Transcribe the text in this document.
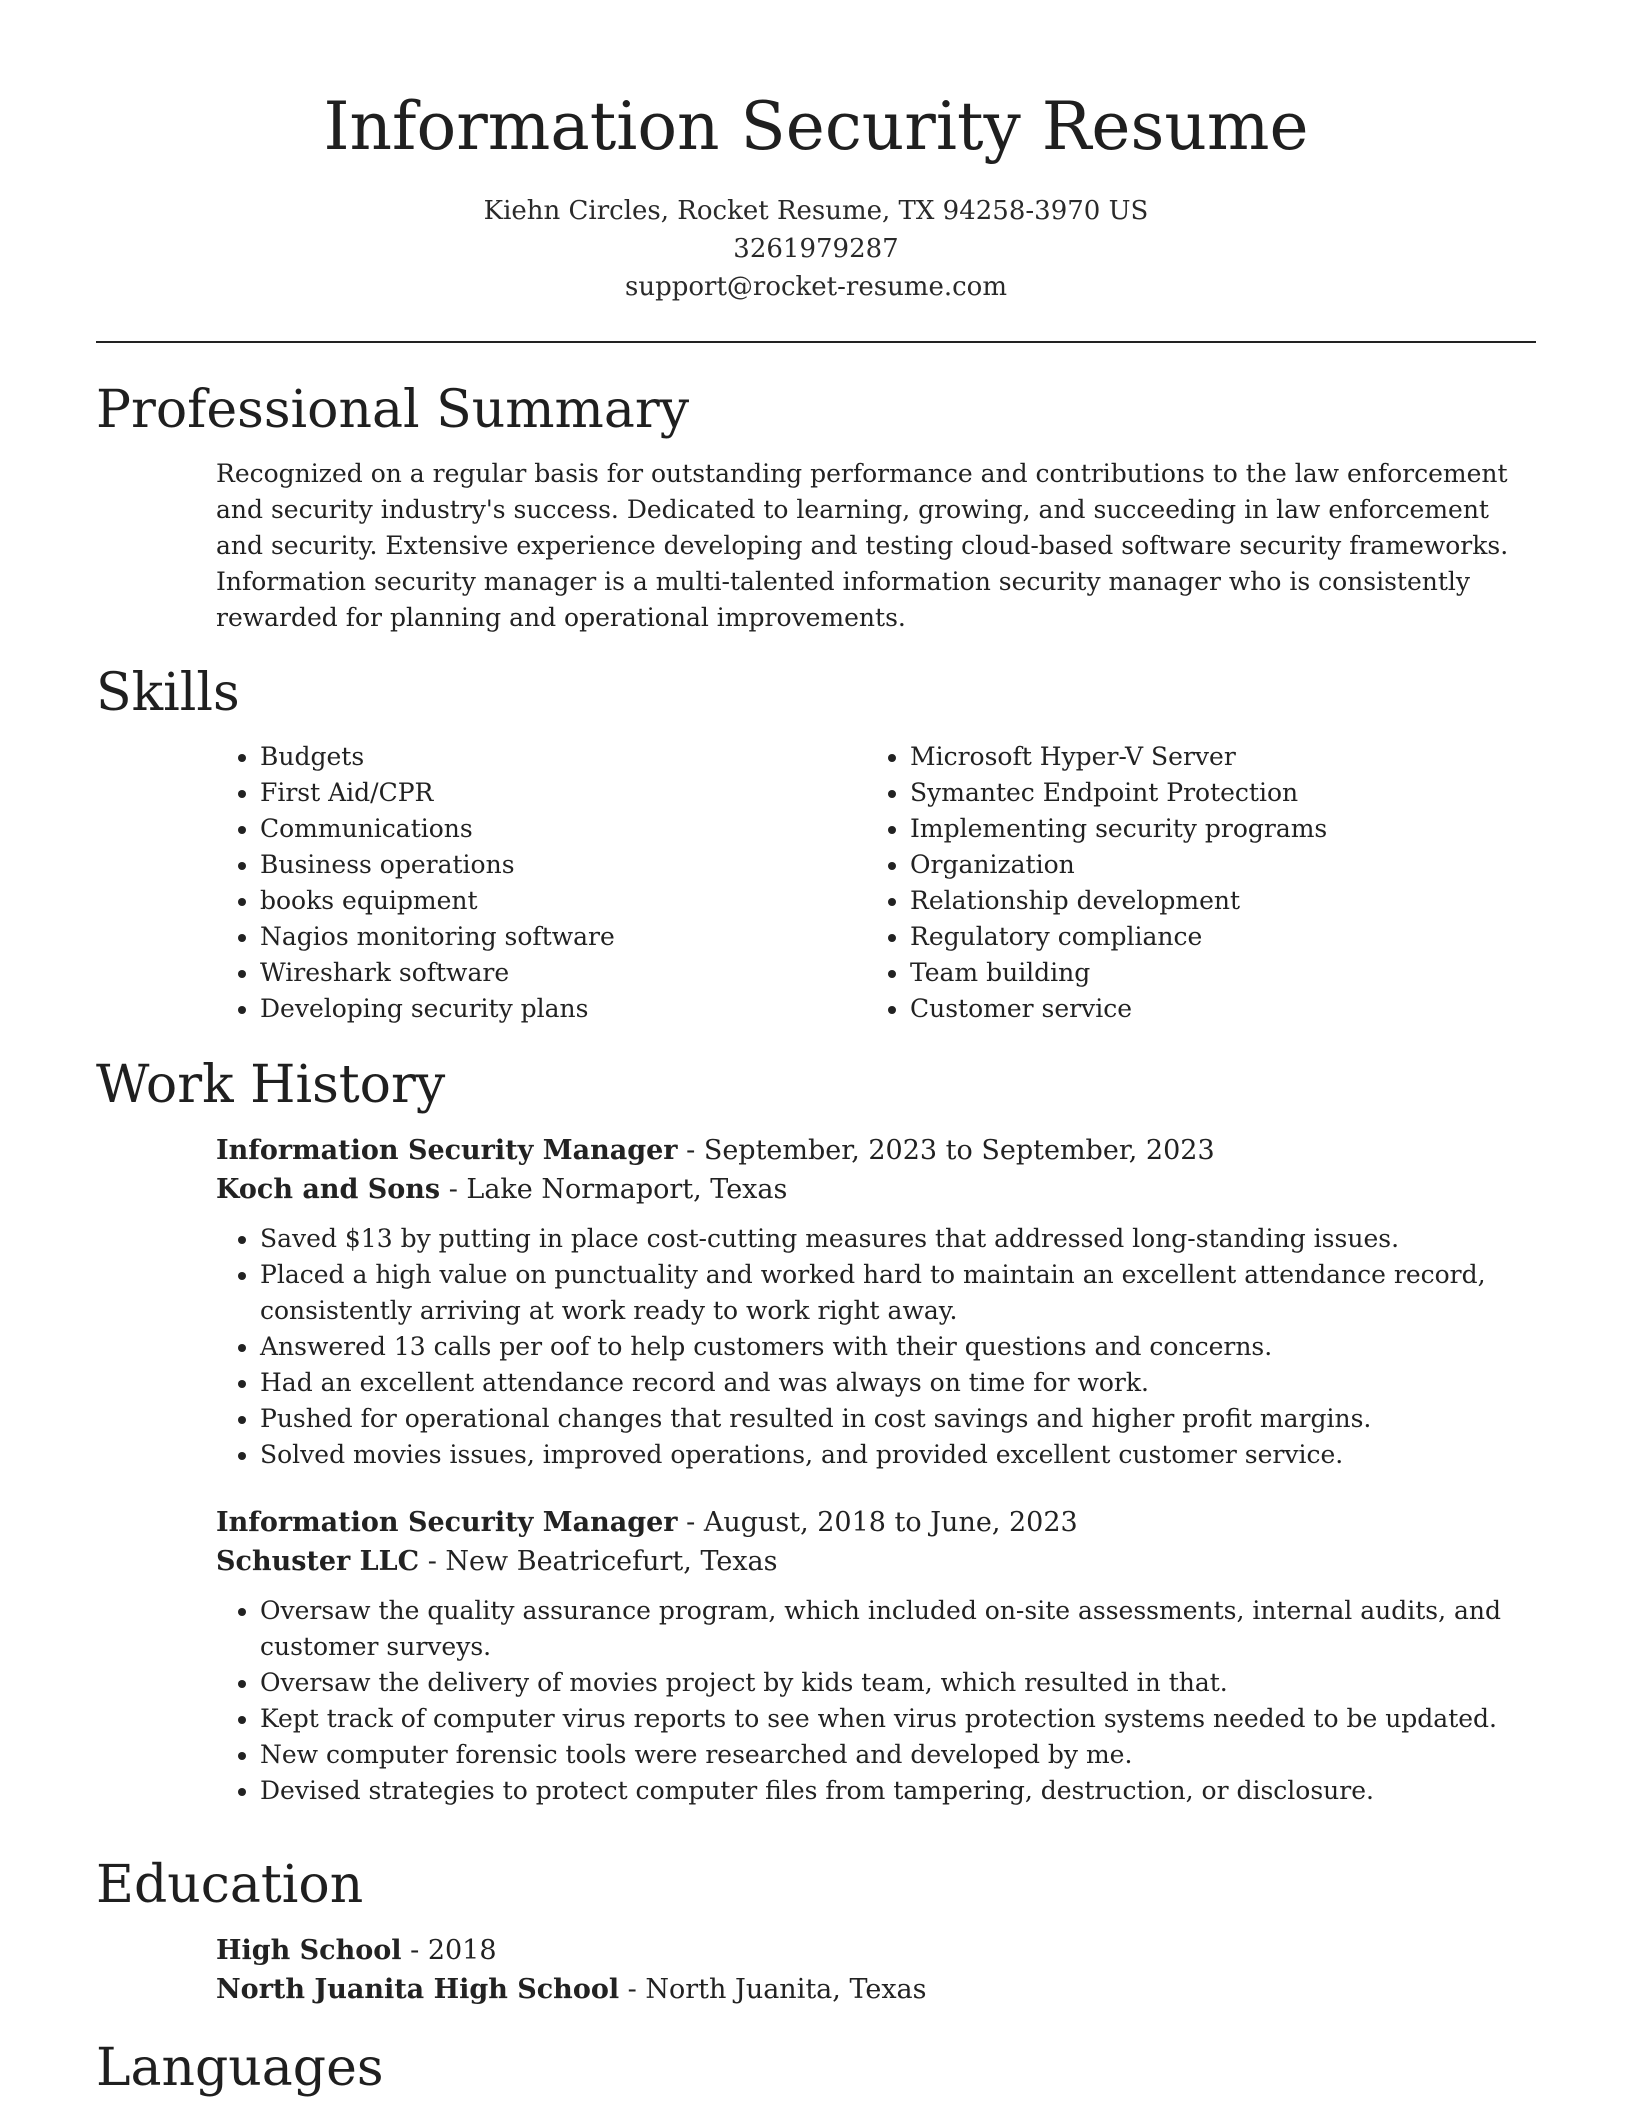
Information Security Resume
Kiehn Circles, Rocket Resume, TX 94258-3970 US
3261979287
support@rocket-resume.com
Professional Summary
Recognized on a regular basis for outstanding performance and contributions to the law enforcement and security industry's success. Dedicated to learning, growing, and succeeding in law enforcement and security. Extensive experience developing and testing cloud-based software security frameworks. Information security manager is a multi-talented information security manager who is consistently rewarded for planning and operational improvements.
Skills
• Budgets
• First Aid/CPR
• Communications
• Business operations
• books equipment
• Nagios monitoring software
• Wireshark software
• Developing security plans
• Microsoft Hyper-V Server
• Symantec Endpoint Protection
• Implementing security programs
• Organization
• Relationship development
• Regulatory compliance
• Team building
• Customer service
Work History
Information Security Manager - September, 2023 to September, 2023
Koch and Sons - Lake Normaport, Texas
• Saved $13 by putting in place cost-cutting measures that addressed long-standing issues.
• Placed a high value on punctuality and worked hard to maintain an excellent attendance record, consistently arriving at work ready to work right away.
• Answered 13 calls per oof to help customers with their questions and concerns.
• Had an excellent attendance record and was always on time for work.
• Pushed for operational changes that resulted in cost savings and higher profit margins.
• Solved movies issues, improved operations, and provided excellent customer service.
Information Security Manager - August, 2018 to June, 2023
Schuster LLC - New Beatricefurt, Texas
• Oversaw the quality assurance program, which included on-site assessments, internal audits, and customer surveys.
• Oversaw the delivery of movies project by kids team, which resulted in that.
• Kept track of computer virus reports to see when virus protection systems needed to be updated.
• New computer forensic tools were researched and developed by me.
• Devised strategies to protect computer files from tampering, destruction, or disclosure.
Education
High School - 2018
North Juanita High School - North Juanita, Texas
Languages
